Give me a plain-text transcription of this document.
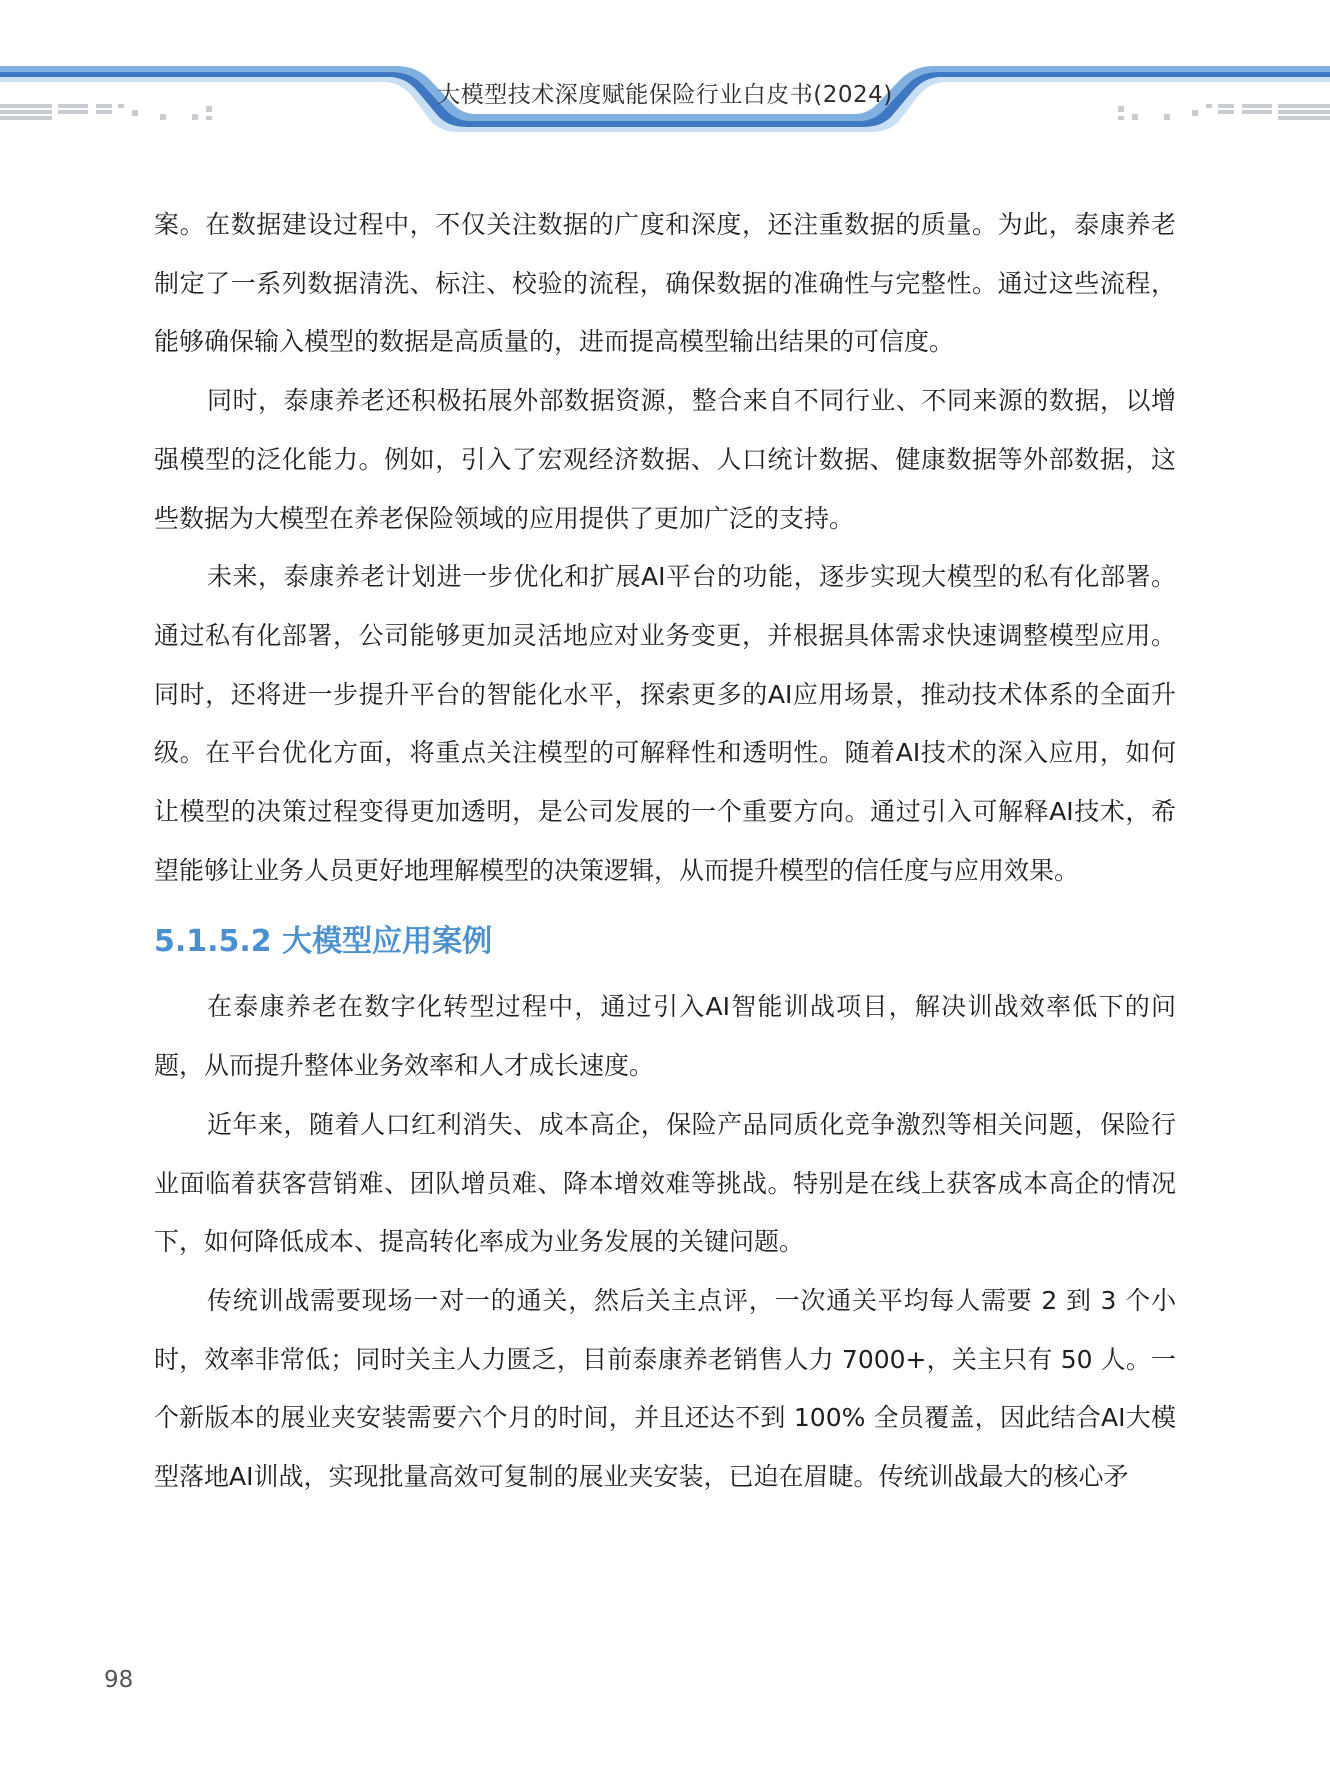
大模型技术深度赋能保险行业白皮书(2024)

案。在数据建设过程中，不仅关注数据的广度和深度，还注重数据的质量。为此，泰康养老制定了一系列数据清洗、标注、校验的流程，确保数据的准确性与完整性。通过这些流程，能够确保输入模型的数据是高质量的，进而提高模型输出结果的可信度。

同时，泰康养老还积极拓展外部数据资源，整合来自不同行业、不同来源的数据，以增强模型的泛化能力。例如，引入了宏观经济数据、人口统计数据、健康数据等外部数据，这些数据为大模型在养老保险领域的应用提供了更加广泛的支持。

未来，泰康养老计划进一步优化和扩展AI平台的功能，逐步实现大模型的私有化部署。通过私有化部署，公司能够更加灵活地应对业务变更，并根据具体需求快速调整模型应用。同时，还将进一步提升平台的智能化水平，探索更多的AI应用场景，推动技术体系的全面升级。在平台优化方面，将重点关注模型的可解释性和透明性。随着AI技术的深入应用，如何让模型的决策过程变得更加透明，是公司发展的一个重要方向。通过引入可解释AI技术，希望能够让业务人员更好地理解模型的决策逻辑，从而提升模型的信任度与应用效果。

5.1.5.2 大模型应用案例

在泰康养老在数字化转型过程中，通过引入AI智能训战项目，解决训战效率低下的问题，从而提升整体业务效率和人才成长速度。

近年来，随着人口红利消失、成本高企，保险产品同质化竞争激烈等相关问题，保险行业面临着获客营销难、团队增员难、降本增效难等挑战。特别是在线上获客成本高企的情况下，如何降低成本、提高转化率成为业务发展的关键问题。

传统训战需要现场一对一的通关，然后关主点评，一次通关平均每人需要 2 到 3 个小时，效率非常低；同时关主人力匮乏，目前泰康养老销售人力 7000+，关主只有 50 人。一个新版本的展业夹安装需要六个月的时间，并且还达不到 100% 全员覆盖，因此结合AI大模型落地AI训战，实现批量高效可复制的展业夹安装，已迫在眉睫。传统训战最大的核心矛

98
